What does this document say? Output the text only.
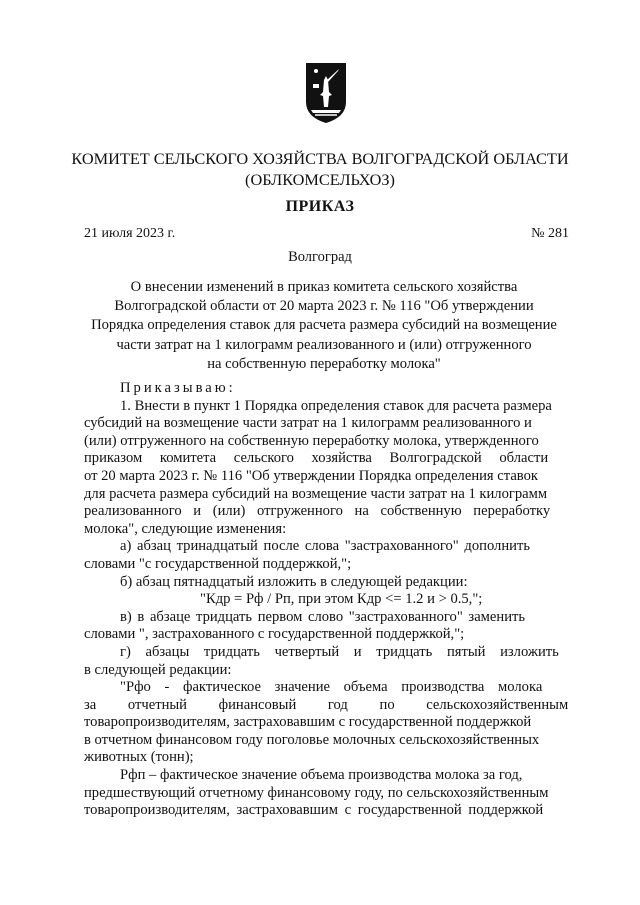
КОМИТЕТ СЕЛЬСКОГО ХОЗЯЙСТВА ВОЛГОГРАДСКОЙ ОБЛАСТИ
(ОБЛКОМСЕЛЬХОЗ)
ПРИКАЗ
21 июля 2023 г.	№ 281
Волгоград
О внесении изменений в приказ комитета сельского хозяйства
Волгоградской области от 20 марта 2023 г. № 116 "Об утверждении
Порядка определения ставок для расчета размера субсидий на возмещение
части затрат на 1 килограмм реализованного и (или) отгруженного
на собственную переработку молока"
Приказываю:
1. Внести в пункт 1 Порядка определения ставок для расчета размера
субсидий на возмещение части затрат на 1 килограмм реализованного и
(или) отгруженного на собственную переработку молока, утвержденного
приказом комитета сельского хозяйства Волгоградской области
от 20 марта 2023 г. № 116 "Об утверждении Порядка определения ставок
для расчета размера субсидий на возмещение части затрат на 1 килограмм
реализованного и (или) отгруженного на собственную переработку
молока", следующие изменения:
а) абзац тринадцатый после слова "застрахованного" дополнить
словами "с государственной поддержкой,";
б) абзац пятнадцатый изложить в следующей редакции:
"Кдр = Рф / Рп, при этом Кдр <= 1.2 и > 0.5,";
в) в абзаце тридцать первом слово "застрахованного" заменить
словами ", застрахованного с государственной поддержкой,";
г) абзацы тридцать четвертый и тридцать пятый изложить
в следующей редакции:
"Рфо - фактическое значение объема производства молока
за отчетный финансовый год по сельскохозяйственным
товаропроизводителям, застраховавшим с государственной поддержкой
в отчетном финансовом году поголовье молочных сельскохозяйственных
животных (тонн);
Рфп – фактическое значение объема производства молока за год,
предшествующий отчетному финансовому году, по сельскохозяйственным
товаропроизводителям, застраховавшим с государственной поддержкой
